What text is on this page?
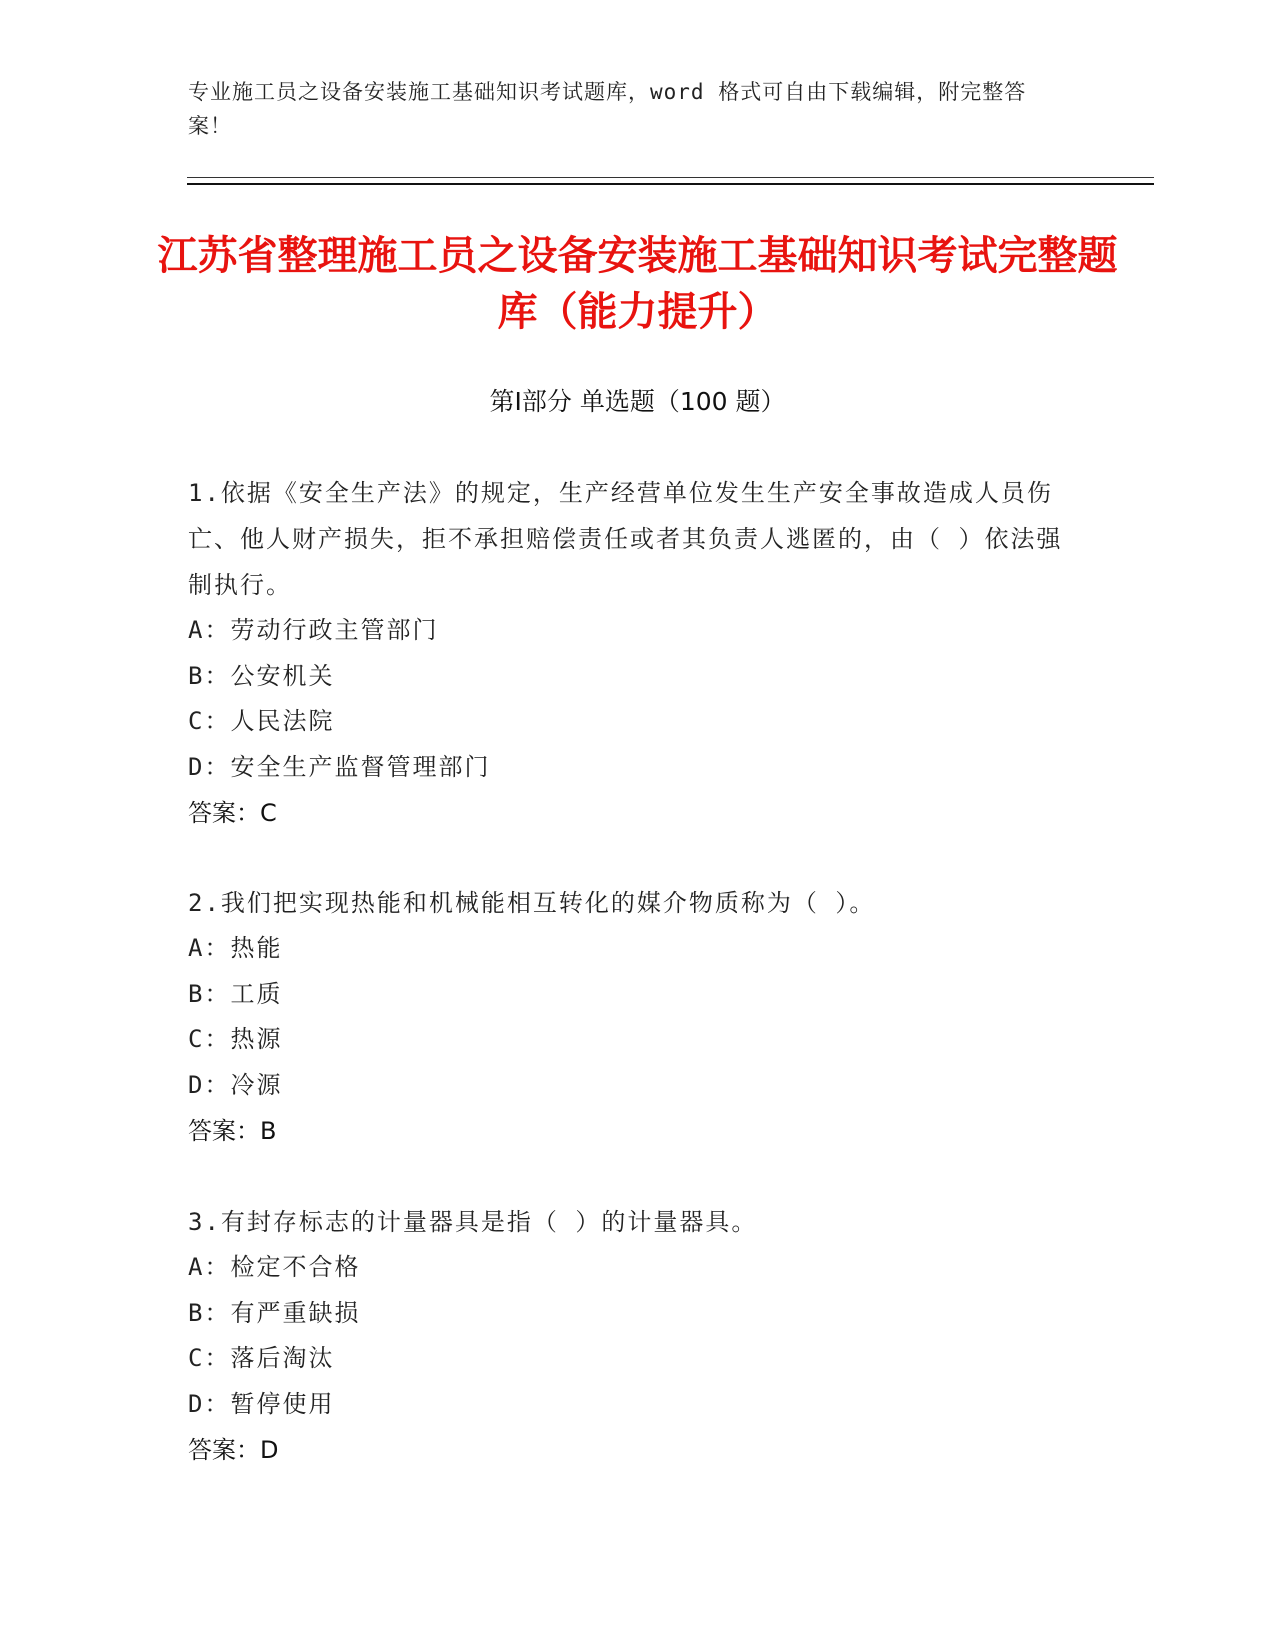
专业施工员之设备安装施工基础知识考试题库，word 格式可自由下载编辑，附完整答案！
江苏省整理施工员之设备安装施工基础知识考试完整题库（能力提升）
第Ⅰ部分 单选题（100 题）

1.依据《安全生产法》的规定，生产经营单位发生生产安全事故造成人员伤亡、他人财产损失，拒不承担赔偿责任或者其负责人逃匿的，由（ ）依法强制执行。

A：劳动行政主管部门

B：公安机关

C：人民法院

D：安全生产监督管理部门

答案：C

2.我们把实现热能和机械能相互转化的媒介物质称为（ ）。

A：热能

B：工质

C：热源

D：冷源

答案：B

3.有封存标志的计量器具是指（ ）的计量器具。

A：检定不合格

B：有严重缺损

C：落后淘汰

D：暂停使用

答案：D
